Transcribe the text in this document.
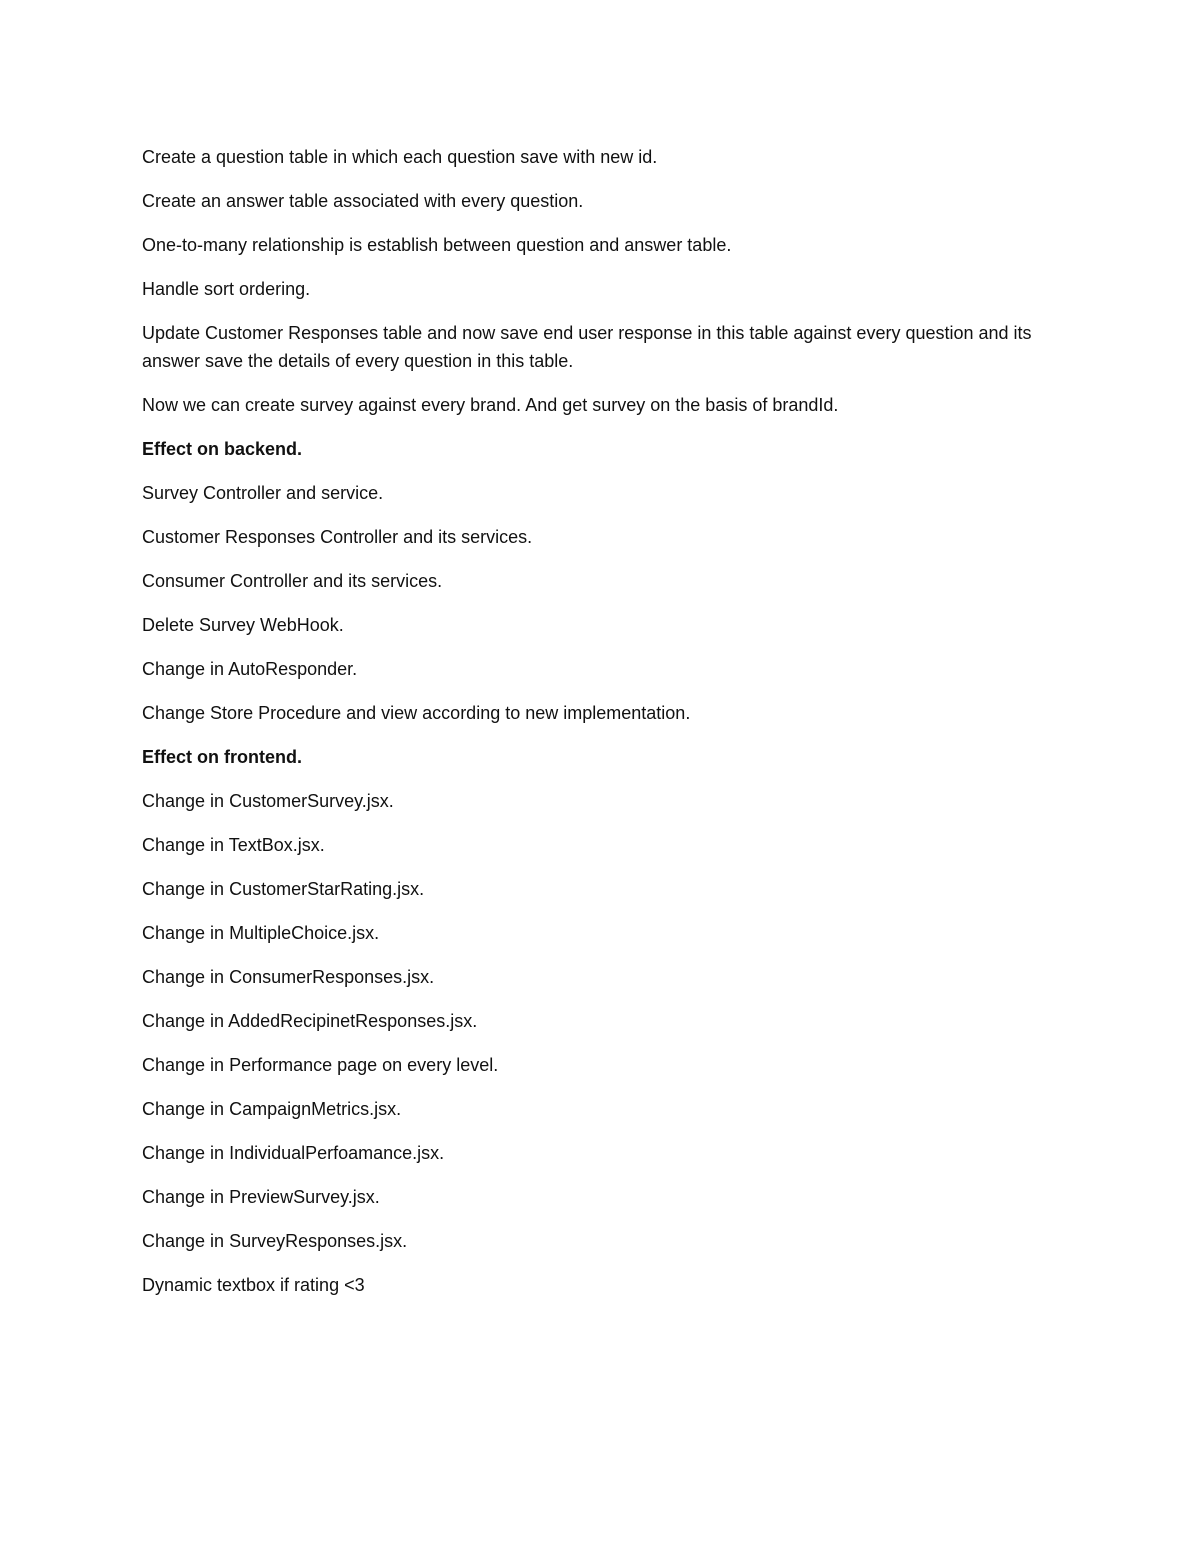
Create a question table in which each question save with new id.

Create an answer table associated with every question.

One-to-many relationship is establish between question and answer table.

Handle sort ordering.

Update Customer Responses table and now save end user response in this table against every question and its answer save the details of every question in this table.

Now we can create survey against every brand. And get survey on the basis of brandId.

Effect on backend.

Survey Controller and service.

Customer Responses Controller and its services.

Consumer Controller and its services.

Delete Survey WebHook.

Change in AutoResponder.

Change Store Procedure and view according to new implementation.

Effect on frontend.

Change in CustomerSurvey.jsx.

Change in TextBox.jsx.

Change in CustomerStarRating.jsx.

Change in MultipleChoice.jsx.

Change in ConsumerResponses.jsx.

Change in AddedRecipinetResponses.jsx.

Change in Performance page on every level.

Change in CampaignMetrics.jsx.

Change in IndividualPerfoamance.jsx.

Change in PreviewSurvey.jsx.

Change in SurveyResponses.jsx.

Dynamic textbox if rating <3
